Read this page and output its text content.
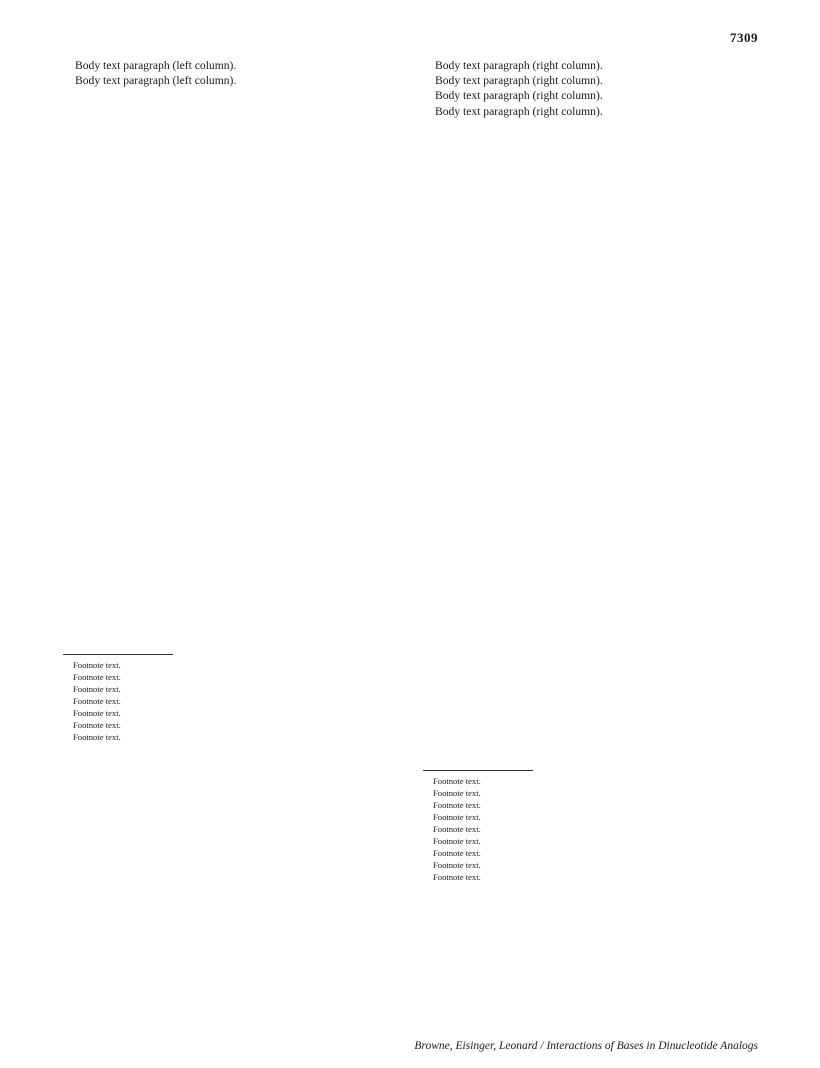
7309

Body text paragraph (left column).

Body text paragraph (left column).

Body text paragraph (right column).

Body text paragraph (right column).

Body text paragraph (right column).

Body text paragraph (right column).

Footnote text.

Footnote text.

Footnote text.

Footnote text.

Footnote text.

Footnote text.

Footnote text.

Footnote text.

Footnote text.

Footnote text.

Footnote text.

Footnote text.

Footnote text.

Footnote text.

Footnote text.

Footnote text.

Browne, Eisinger, Leonard / Interactions of Bases in Dinucleotide Analogs
